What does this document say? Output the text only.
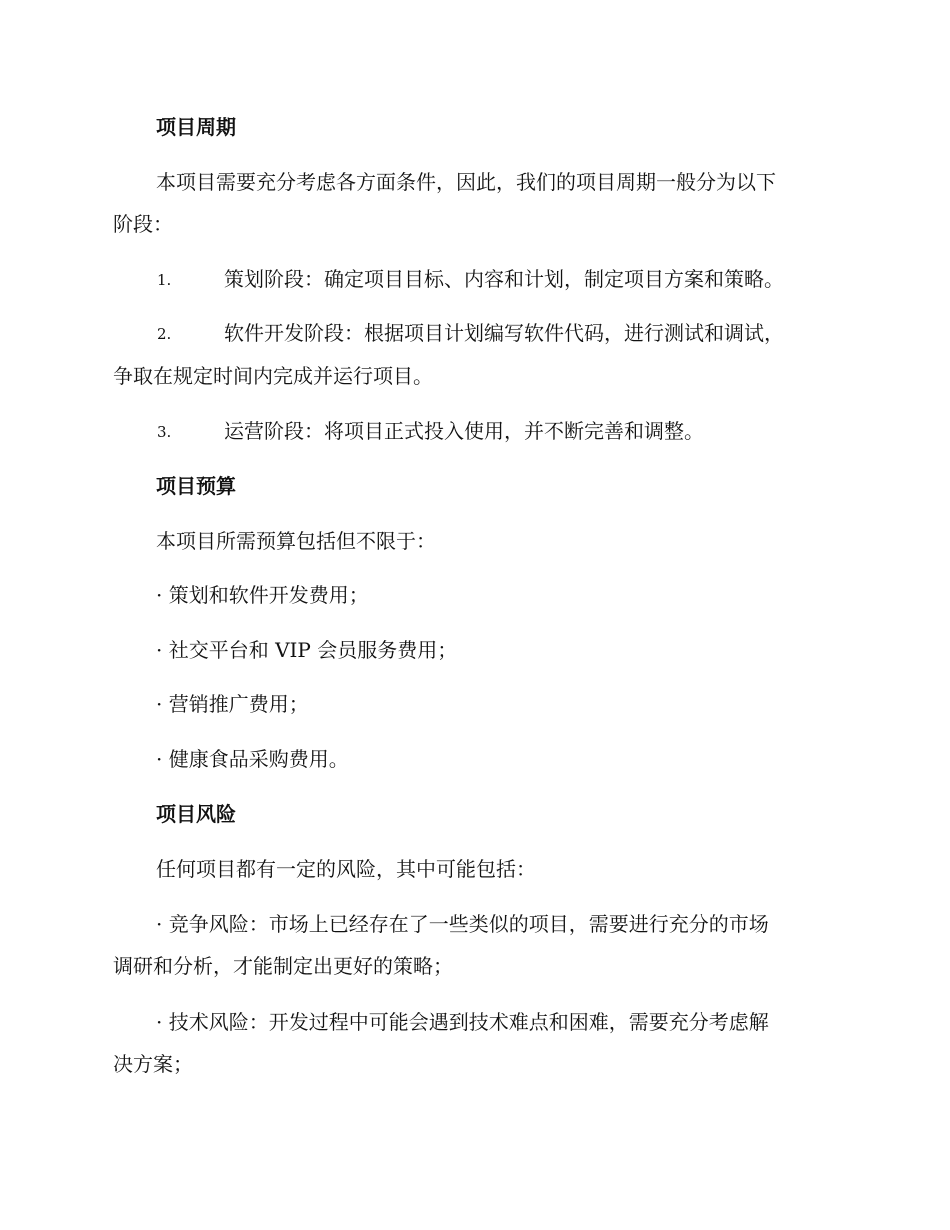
项目周期
本项目需要充分考虑各方面条件，因此，我们的项目周期一般分为以下
阶段：
1.	策划阶段：确定项目目标、内容和计划，制定项目方案和策略。
2.	软件开发阶段：根据项目计划编写软件代码，进行测试和调试，
争取在规定时间内完成并运行项目。
3.	运营阶段：将项目正式投入使用，并不断完善和调整。
项目预算
本项目所需预算包括但不限于：
· 策划和软件开发费用；
· 社交平台和 VIP 会员服务费用；
· 营销推广费用；
· 健康食品采购费用。
项目风险
任何项目都有一定的风险，其中可能包括：
· 竞争风险：市场上已经存在了一些类似的项目，需要进行充分的市场
调研和分析，才能制定出更好的策略；
· 技术风险：开发过程中可能会遇到技术难点和困难，需要充分考虑解
决方案；
